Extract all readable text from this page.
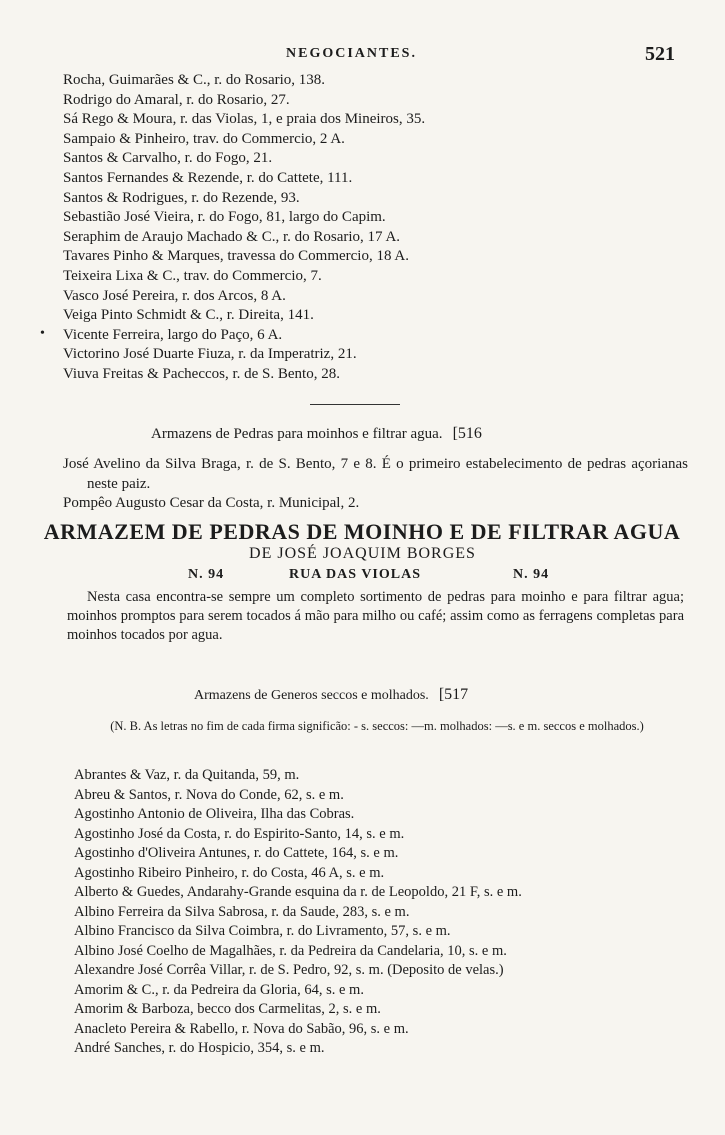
NEGOCIANTES.	521
Rocha, Guimarães & C., r. do Rosario, 138.
Rodrigo do Amaral, r. do Rosario, 27.
Sá Rego & Moura, r. das Violas, 1, e praia dos Mineiros, 35.
Sampaio & Pinheiro, trav. do Commercio, 2 A.
Santos & Carvalho, r. do Fogo, 21.
Santos Fernandes & Rezende, r. do Cattete, 111.
Santos & Rodrigues, r. do Rezende, 93.
Sebastião José Vieira, r. do Fogo, 81, largo do Capim.
Seraphim de Araujo Machado & C., r. do Rosario, 17 A.
Tavares Pinho & Marques, travessa do Commercio, 18 A.
Teixeira Lixa & C., trav. do Commercio, 7.
Vasco José Pereira, r. dos Arcos, 8 A.
Veiga Pinto Schmidt & C., r. Direita, 141.
Vicente Ferreira, largo do Paço, 6 A.
Victorino José Duarte Fiuza, r. da Imperatriz, 21.
Viuva Freitas & Pacheccos, r. de S. Bento, 28.
•
Armazens de Pedras para moinhos e filtrar agua. [516
José Avelino da Silva Braga, r. de S. Bento, 7 e 8. É o primeiro estabelecimento de pedras açorianas neste paiz.
Pompêo Augusto Cesar da Costa, r. Municipal, 2.
ARMAZEM DE PEDRAS DE MOINHO E DE FILTRAR AGUA
DE JOSÉ JOAQUIM BORGES
N. 94	RUA DAS VIOLAS	N. 94
Nesta casa encontra-se sempre um completo sortimento de pedras para moinho e para filtrar agua; moinhos promptos para serem tocados á mão para milho ou café; assim como as ferragens completas para moinhos tocados por agua.
Armazens de Generos seccos e molhados. [517
(N. B. As letras no fim de cada firma significão: - s. seccos: —m. molhados: —s. e m. seccos e molhados.)
Abrantes & Vaz, r. da Quitanda, 59, m.
Abreu & Santos, r. Nova do Conde, 62, s. e m.
Agostinho Antonio de Oliveira, Ilha das Cobras.
Agostinho José da Costa, r. do Espirito-Santo, 14, s. e m.
Agostinho d'Oliveira Antunes, r. do Cattete, 164, s. e m.
Agostinho Ribeiro Pinheiro, r. do Costa, 46 A, s. e m.
Alberto & Guedes, Andarahy-Grande esquina da r. de Leopoldo, 21 F, s. e m.
Albino Ferreira da Silva Sabrosa, r. da Saude, 283, s. e m.
Albino Francisco da Silva Coimbra, r. do Livramento, 57, s. e m.
Albino José Coelho de Magalhães, r. da Pedreira da Candelaria, 10, s. e m.
Alexandre José Corrêa Villar, r. de S. Pedro, 92, s. m. (Deposito de velas.)
Amorim & C., r. da Pedreira da Gloria, 64, s. e m.
Amorim & Barboza, becco dos Carmelitas, 2, s. e m.
Anacleto Pereira & Rabello, r. Nova do Sabão, 96, s. e m.
André Sanches, r. do Hospicio, 354, s. e m.
